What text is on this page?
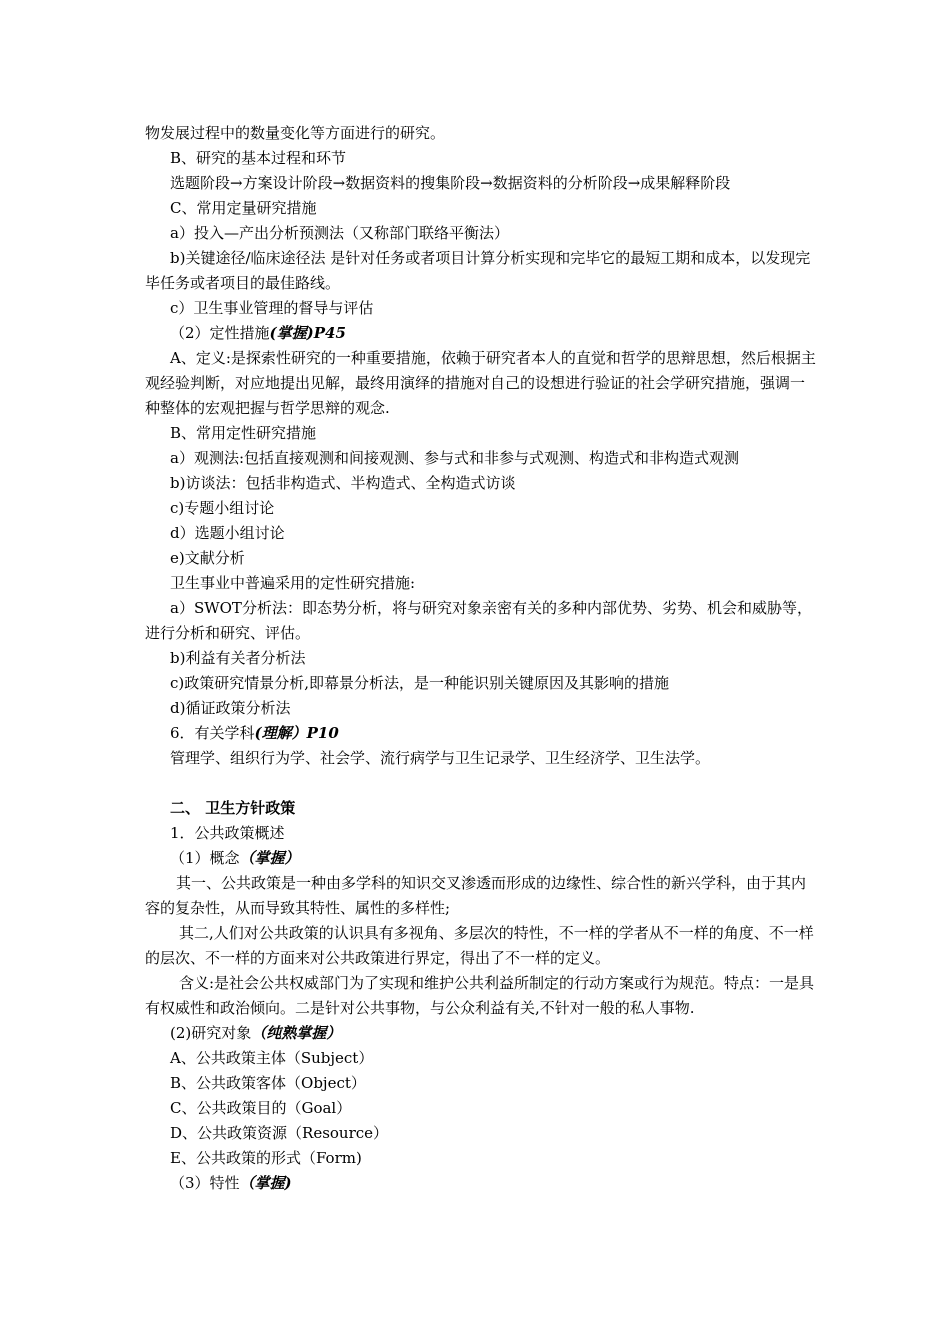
物发展过程中的数量变化等方面进行的研究。

B、研究的基本过程和环节

选题阶段→方案设计阶段→数据资料的搜集阶段→数据资料的分析阶段→成果解释阶段

C、常用定量研究措施

a）投入—产出分析预测法（又称部门联络平衡法）

b)关键途径/临床途径法 是针对任务或者项目计算分析实现和完毕它的最短工期和成本，以发现完毕任务或者项目的最佳路线。

c）卫生事业管理的督导与评估

（2）定性措施(掌握)P45

A、定义:是探索性研究的一种重要措施，依赖于研究者本人的直觉和哲学的思辩思想，然后根据主观经验判断，对应地提出见解，最终用演绎的措施对自己的设想进行验证的社会学研究措施，强调一种整体的宏观把握与哲学思辩的观念.

B、常用定性研究措施

a）观测法:包括直接观测和间接观测、参与式和非参与式观测、构造式和非构造式观测

b)访谈法：包括非构造式、半构造式、全构造式访谈

c)专题小组讨论

d）选题小组讨论

e)文献分析

卫生事业中普遍采用的定性研究措施:

a）SWOT分析法：即态势分析，将与研究对象亲密有关的多种内部优势、劣势、机会和威胁等，进行分析和研究、评估。

b)利益有关者分析法

c)政策研究情景分析,即幕景分析法，是一种能识别关键原因及其影响的措施

d)循证政策分析法

6．有关学科(理解）P10

管理学、组织行为学、社会学、流行病学与卫生记录学、卫生经济学、卫生法学。

二、 卫生方针政策

1．公共政策概述

（1）概念（掌握）

其一、公共政策是一种由多学科的知识交叉渗透而形成的边缘性、综合性的新兴学科，由于其内容的复杂性，从而导致其特性、属性的多样性;

其二,人们对公共政策的认识具有多视角、多层次的特性，不一样的学者从不一样的角度、不一样的层次、不一样的方面来对公共政策进行界定，得出了不一样的定义。

含义:是社会公共权威部门为了实现和维护公共利益所制定的行动方案或行为规范。特点：一是具有权威性和政治倾向。二是针对公共事物，与公众利益有关,不针对一般的私人事物.

(2)研究对象（纯熟掌握）

A、公共政策主体（Subject）

B、公共政策客体（Object）

C、公共政策目的（Goal）

D、公共政策资源（Resource）

E、公共政策的形式（Form)

（3）特性（掌握)
